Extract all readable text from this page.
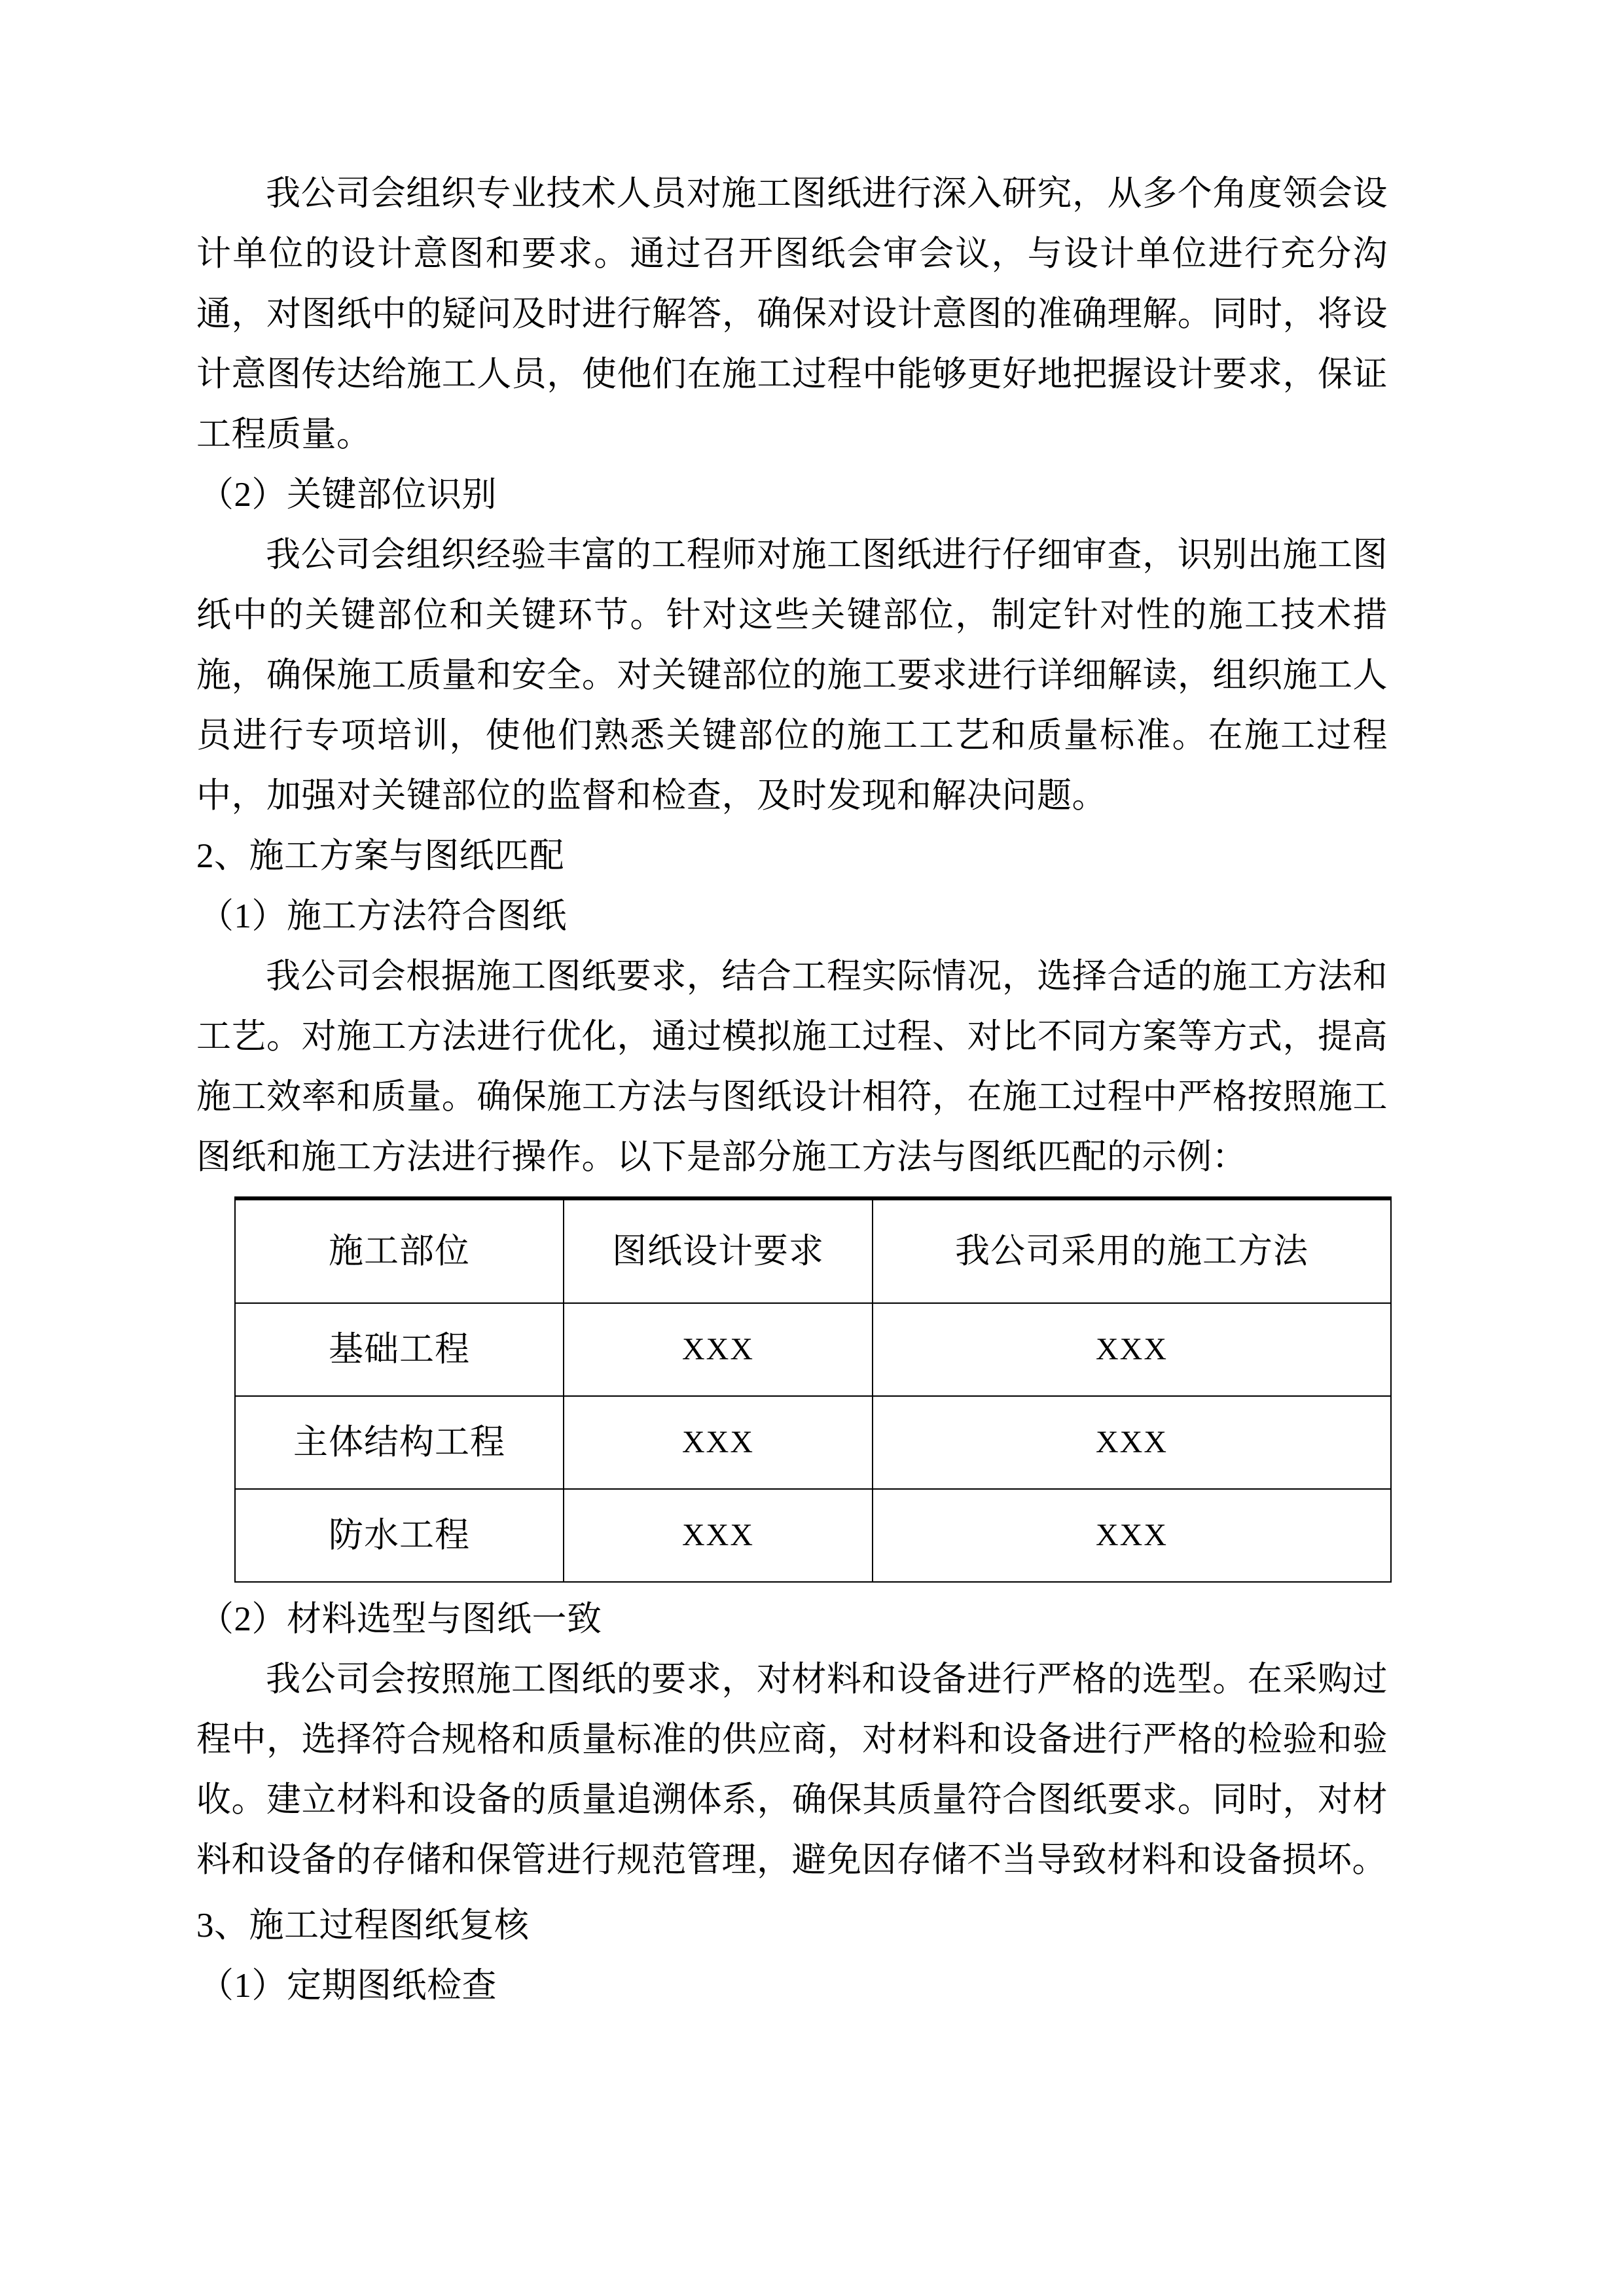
我公司会组织专业技术人员对施工图纸进行深入研究，从多个角度领会设计单位的设计意图和要求。通过召开图纸会审会议，与设计单位进行充分沟通，对图纸中的疑问及时进行解答，确保对设计意图的准确理解。同时，将设计意图传达给施工人员，使他们在施工过程中能够更好地把握设计要求，保证工程质量。

（2）关键部位识别

我公司会组织经验丰富的工程师对施工图纸进行仔细审查，识别出施工图纸中的关键部位和关键环节。针对这些关键部位，制定针对性的施工技术措施，确保施工质量和安全。对关键部位的施工要求进行详细解读，组织施工人员进行专项培训，使他们熟悉关键部位的施工工艺和质量标准。在施工过程中，加强对关键部位的监督和检查，及时发现和解决问题。

2、施工方案与图纸匹配

（1）施工方法符合图纸

我公司会根据施工图纸要求，结合工程实际情况，选择合适的施工方法和工艺。对施工方法进行优化，通过模拟施工过程、对比不同方案等方式，提高施工效率和质量。确保施工方法与图纸设计相符，在施工过程中严格按照施工图纸和施工方法进行操作。以下是部分施工方法与图纸匹配的示例：

施工部位	图纸设计要求	我公司采用的施工方法
基础工程	XXX	XXX
主体结构工程	XXX	XXX
防水工程	XXX	XXX

（2）材料选型与图纸一致

我公司会按照施工图纸的要求，对材料和设备进行严格的选型。在采购过程中，选择符合规格和质量标准的供应商，对材料和设备进行严格的检验和验收。建立材料和设备的质量追溯体系，确保其质量符合图纸要求。同时，对材料和设备的存储和保管进行规范管理，避免因存储不当导致材料和设备损坏。

3、施工过程图纸复核

（1）定期图纸检查
